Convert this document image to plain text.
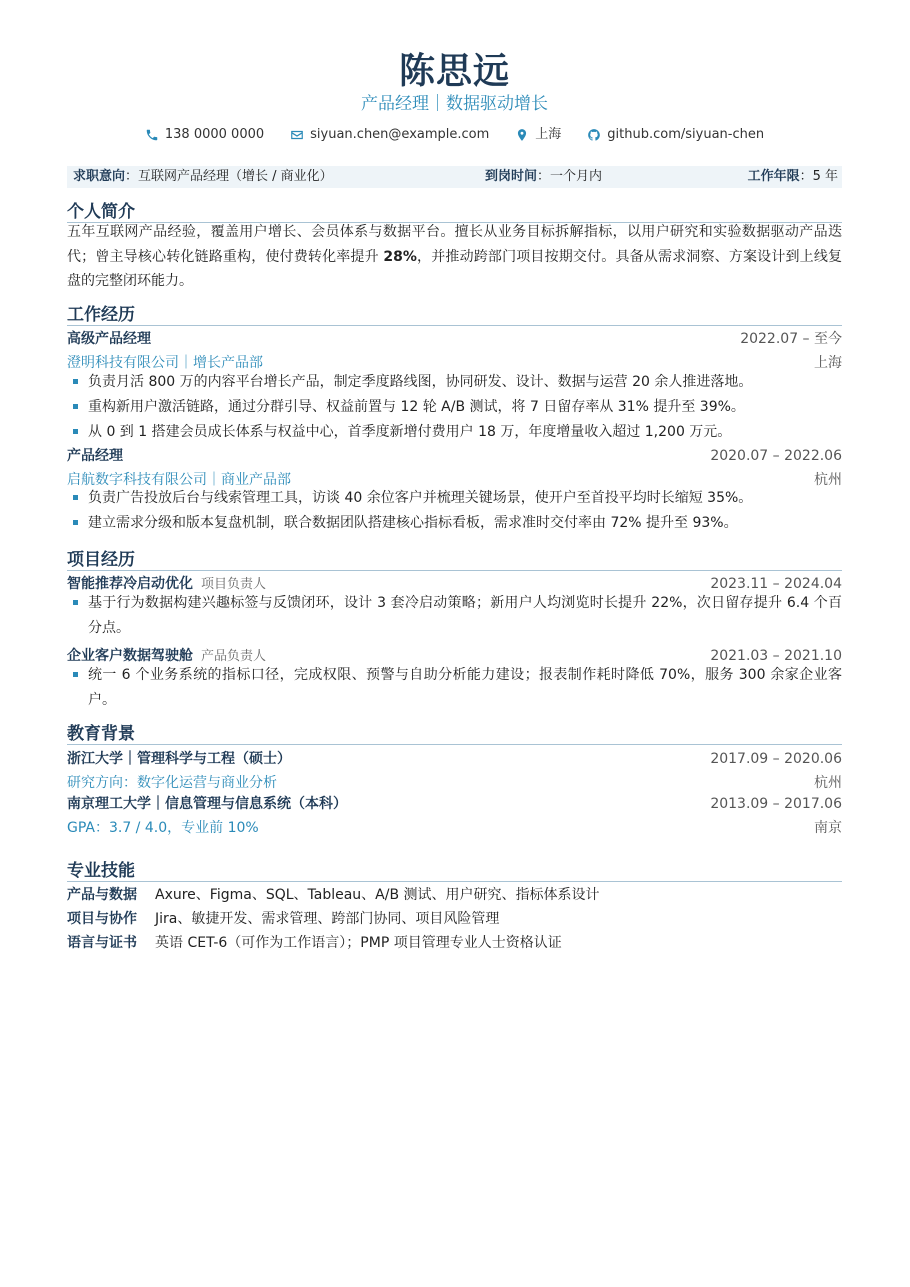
陈思远
产品经理｜数据驱动增长
138 0000 0000	siyuan.chen@example.com	上海	github.com/siyuan-chen
求职意向：互联网产品经理（增长 / 商业化）	到岗时间：一个月内	工作年限：5 年
个人简介
五年互联网产品经验，覆盖用户增长、会员体系与数据平台。擅长从业务目标拆解指标，以用户研究和实验数据驱动产品迭代；曾主导核心转化链路重构，使付费转化率提升 28%，并推动跨部门项目按期交付。具备从需求洞察、方案设计到上线复盘的完整闭环能力。
工作经历
高级产品经理	2022.07 – 至今
澄明科技有限公司｜增长产品部	上海
负责月活 800 万的内容平台增长产品，制定季度路线图，协同研发、设计、数据与运营 20 余人推进落地。
重构新用户激活链路，通过分群引导、权益前置与 12 轮 A/B 测试，将 7 日留存率从 31% 提升至 39%。
从 0 到 1 搭建会员成长体系与权益中心，首季度新增付费用户 18 万，年度增量收入超过 1,200 万元。
产品经理	2020.07 – 2022.06
启航数字科技有限公司｜商业产品部	杭州
负责广告投放后台与线索管理工具，访谈 40 余位客户并梳理关键场景，使开户至首投平均时长缩短 35%。
建立需求分级和版本复盘机制，联合数据团队搭建核心指标看板，需求准时交付率由 72% 提升至 93%。
项目经历
智能推荐冷启动优化 项目负责人	2023.11 – 2024.04
基于行为数据构建兴趣标签与反馈闭环，设计 3 套冷启动策略；新用户人均浏览时长提升 22%，次日留存提升 6.4 个百分点。
企业客户数据驾驶舱 产品负责人	2021.03 – 2021.10
统一 6 个业务系统的指标口径，完成权限、预警与自助分析能力建设；报表制作耗时降低 70%，服务 300 余家企业客户。
教育背景
浙江大学｜管理科学与工程（硕士）	2017.09 – 2020.06
研究方向：数字化运营与商业分析	杭州
南京理工大学｜信息管理与信息系统（本科）	2013.09 – 2017.06
GPA：3.7 / 4.0，专业前 10%	南京
专业技能
产品与数据 Axure、Figma、SQL、Tableau、A/B 测试、用户研究、指标体系设计
项目与协作 Jira、敏捷开发、需求管理、跨部门协同、项目风险管理
语言与证书 英语 CET-6（可作为工作语言）；PMP 项目管理专业人士资格认证
